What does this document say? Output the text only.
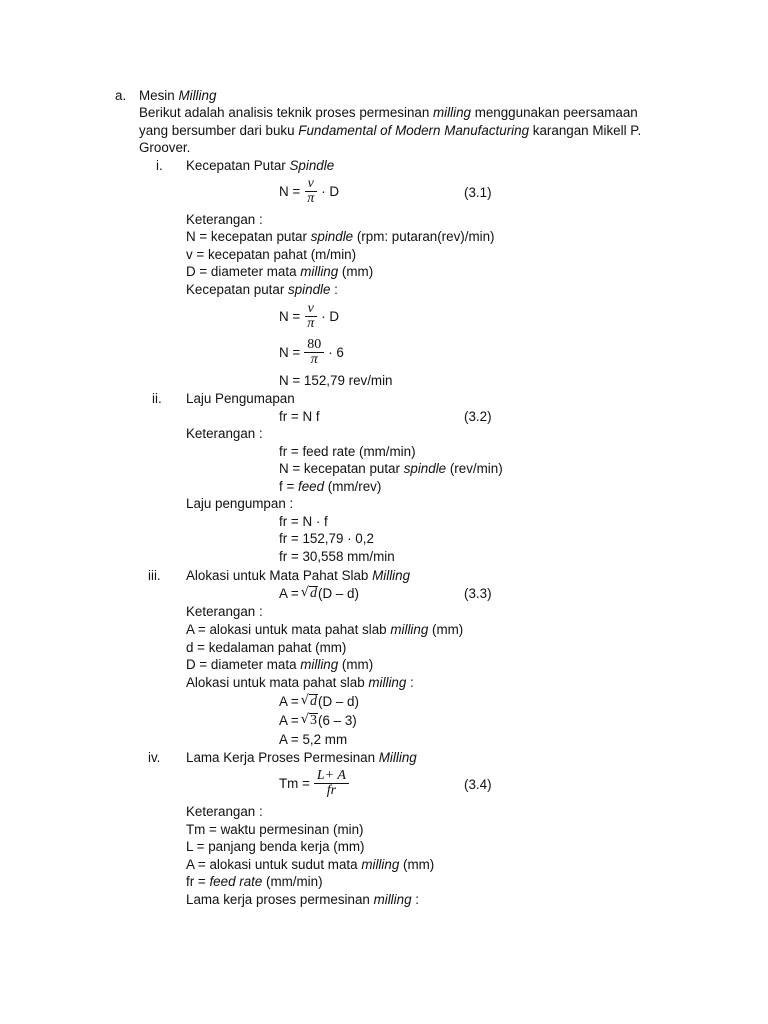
a. Mesin Milling
Berikut adalah analisis teknik proses permesinan milling menggunakan peersamaan
yang bersumber dari buku Fundamental of Modern Manufacturing karangan Mikell P.
Groover.
i. Kecepatan Putar Spindle
$N = \frac{v}{\pi} \cdot D$	(3.1)
Keterangan :
N = kecepatan putar spindle (rpm: putaran(rev)/min)
v = kecepatan pahat (m/min)
D = diameter mata milling (mm)
Kecepatan putar spindle :
$N = \frac{v}{\pi} \cdot D$
$N = \frac{80}{\pi} \cdot 6$
N = 152,79 rev/min
ii. Laju Pengumapan
fr = N f	(3.2)
Keterangan :
fr = feed rate (mm/min)
N = kecepatan putar spindle (rev/min)
f = feed (mm/rev)
Laju pengumpan :
fr = N · f
fr = 152,79 · 0,2
fr = 30,558 mm/min
iii. Alokasi untuk Mata Pahat Slab Milling
A = √ d (D – d)	(3.3)
Keterangan :
A = alokasi untuk mata pahat slab milling (mm)
d = kedalaman pahat (mm)
D = diameter mata milling (mm)
Alokasi untuk mata pahat slab milling :
A = √ d (D – d)
A = √ 3 (6 – 3)
A = 5,2 mm
iv. Lama Kerja Proses Permesinan Milling
$Tm = \frac{L+ A}{fr}$	(3.4)
Keterangan :
Tm = waktu permesinan (min)
L = panjang benda kerja (mm)
A = alokasi untuk sudut mata milling (mm)
fr = feed rate (mm/min)
Lama kerja proses permesinan milling :
